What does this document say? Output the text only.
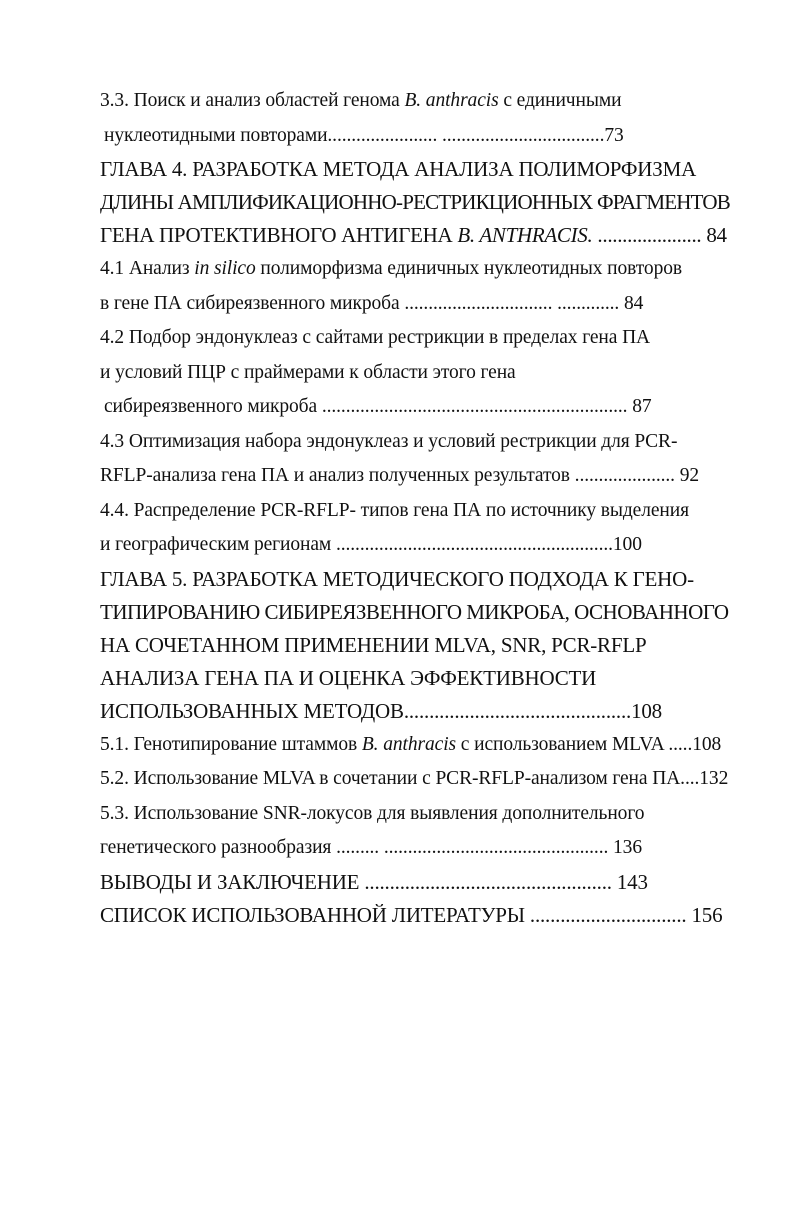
3.3. Поиск и анализ областей генома B. anthracis с единичными
нуклеотидными повторами....................... ..................................73
ГЛАВА 4. РАЗРАБОТКА МЕТОДА АНАЛИЗА ПОЛИМОРФИЗМА
ДЛИНЫ АМПЛИФИКАЦИОННО-РЕСТРИКЦИОННЫХ ФРАГМЕНТОВ
ГЕНА ПРОТЕКТИВНОГО АНТИГЕНА B. ANTHRACIS. ..................... 84
4.1 Анализ in silico полиморфизма единичных нуклеотидных повторов
в гене ПА сибиреязвенного микроба ............................... ............. 84
4.2 Подбор эндонуклеаз с сайтами рестрикции в пределах гена ПА
и условий ПЦР с праймерами к области этого гена
сибиреязвенного микроба ................................................................ 87
4.3 Оптимизация набора эндонуклеаз и условий рестрикции для PCR-
RFLP-анализа гена ПА и анализ полученных результатов ..................... 92
4.4. Распределение PCR-RFLP- типов гена ПА по источнику выделения
и географическим регионам ..........................................................100
ГЛАВА 5. РАЗРАБОТКА МЕТОДИЧЕСКОГО ПОДХОДА К ГЕНО-
ТИПИРОВАНИЮ СИБИРЕЯЗВЕННОГО МИКРОБА, ОСНОВАННОГО
НА СОЧЕТАННОМ ПРИМЕНЕНИИ MLVA, SNR, PCR-RFLP
АНАЛИЗА ГЕНА ПА И ОЦЕНКА ЭФФЕКТИВНОСТИ
ИСПОЛЬЗОВАННЫХ МЕТОДОВ.............................................108
5.1. Генотипирование штаммов B. anthracis с использованием MLVA .....108
5.2. Использование MLVA в сочетании с PCR-RFLP-анализом гена ПА....132
5.3. Использование SNR-локусов для выявления дополнительного
генетического разнообразия ......... ............................................... 136
ВЫВОДЫ И ЗАКЛЮЧЕНИЕ ................................................. 143
СПИСОК ИСПОЛЬЗОВАННОЙ ЛИТЕРАТУРЫ ............................... 156
